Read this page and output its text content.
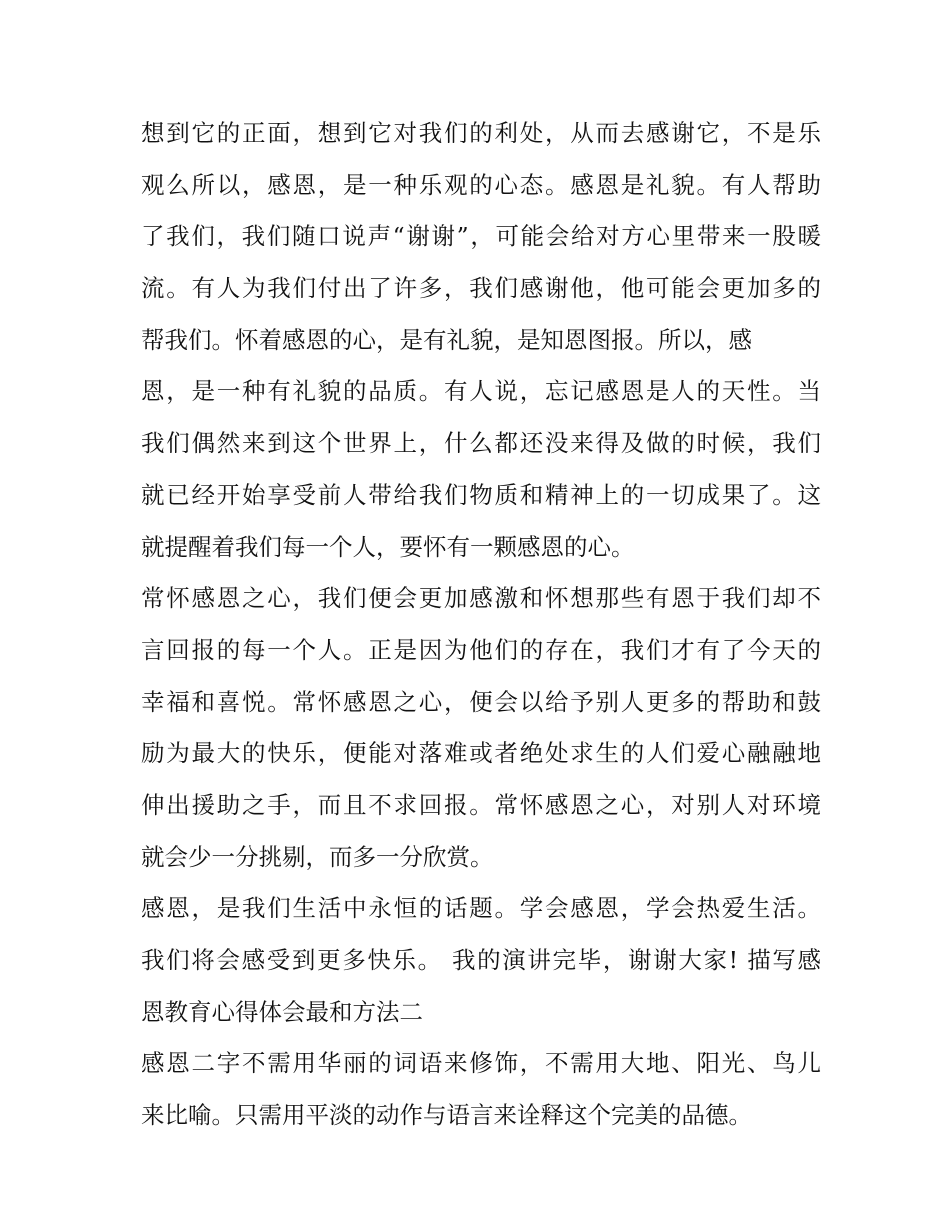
想到它的正面，想到它对我们的利处，从而去感谢它，不是乐
观么所以，感恩，是一种乐观的心态。感恩是礼貌。有人帮助
了我们，我们随口说声“谢谢”，可能会给对方心里带来一股暖
流。有人为我们付出了许多，我们感谢他，他可能会更加多的
帮我们。怀着感恩的心，是有礼貌，是知恩图报。所以，感
恩，是一种有礼貌的品质。有人说，忘记感恩是人的天性。当
我们偶然来到这个世界上，什么都还没来得及做的时候，我们
就已经开始享受前人带给我们物质和精神上的一切成果了。这
就提醒着我们每一个人，要怀有一颗感恩的心。
常怀感恩之心，我们便会更加感激和怀想那些有恩于我们却不
言回报的每一个人。正是因为他们的存在，我们才有了今天的
幸福和喜悦。常怀感恩之心，便会以给予别人更多的帮助和鼓
励为最大的快乐，便能对落难或者绝处求生的人们爱心融融地
伸出援助之手，而且不求回报。常怀感恩之心，对别人对环境
就会少一分挑剔，而多一分欣赏。
感恩，是我们生活中永恒的话题。学会感恩，学会热爱生活。
我们将会感受到更多快乐。 我的演讲完毕，谢谢大家! 描写感
恩教育心得体会最和方法二
感恩二字不需用华丽的词语来修饰，不需用大地、阳光、鸟儿
来比喻。只需用平淡的动作与语言来诠释这个完美的品德。
